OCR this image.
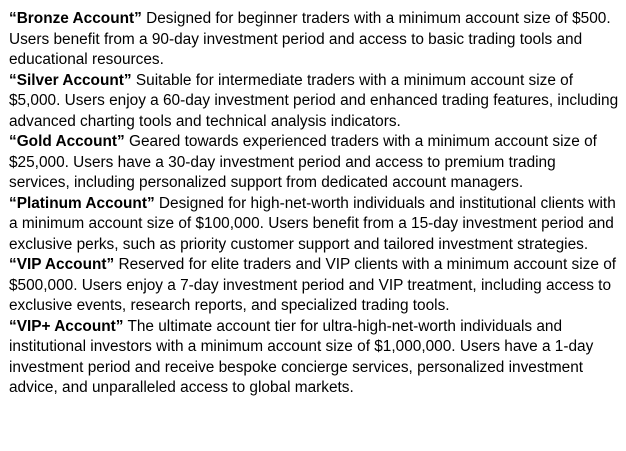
“Bronze Account” Designed for beginner traders with a minimum account size of $500. Users benefit from a 90-day investment period and access to basic trading tools and educational resources.

“Silver Account” Suitable for intermediate traders with a minimum account size of $5,000. Users enjoy a 60-day investment period and enhanced trading features, including advanced charting tools and technical analysis indicators.

“Gold Account” Geared towards experienced traders with a minimum account size of $25,000. Users have a 30-day investment period and access to premium trading services, including personalized support from dedicated account managers.

“Platinum Account” Designed for high-net-worth individuals and institutional clients with a minimum account size of $100,000. Users benefit from a 15-day investment period and exclusive perks, such as priority customer support and tailored investment strategies.

“VIP Account” Reserved for elite traders and VIP clients with a minimum account size of $500,000. Users enjoy a 7-day investment period and VIP treatment, including access to exclusive events, research reports, and specialized trading tools.

“VIP+ Account” The ultimate account tier for ultra-high-net-worth individuals and institutional investors with a minimum account size of $1,000,000. Users have a 1-day investment period and receive bespoke concierge services, personalized investment advice, and unparalleled access to global markets.
